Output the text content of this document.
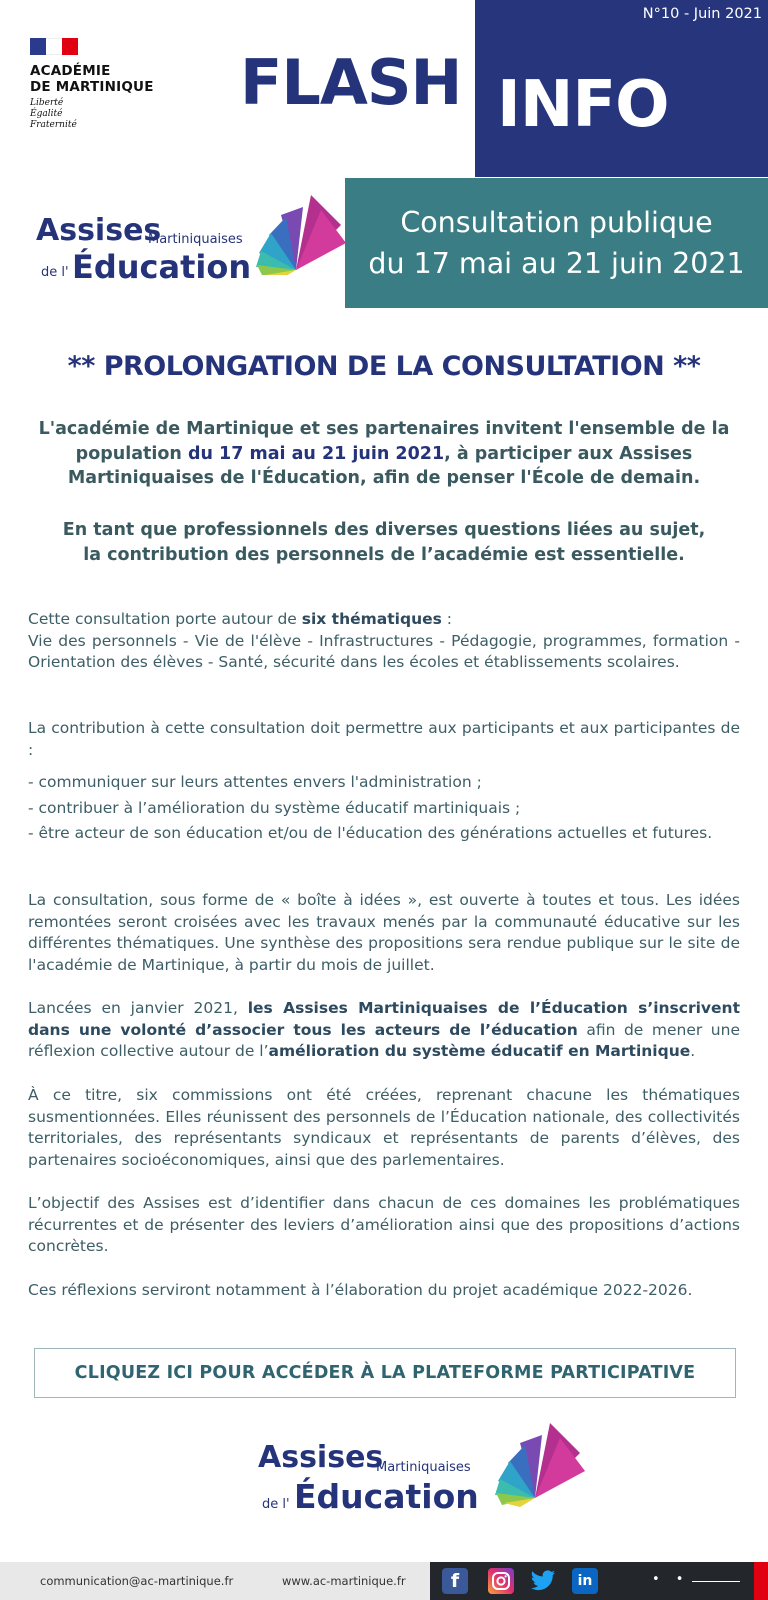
ACADÉMIE
DE MARTINIQUE
Liberté
Égalité
Fraternité
FLASH
N°10 - Juin 2021
INFO
Assises
Martiniquaises
de l' Éducation
Consultation publique
du 17 mai au 21 juin 2021
** PROLONGATION DE LA CONSULTATION **
L'académie de Martinique et ses partenaires invitent l'ensemble de la population du 17 mai au 21 juin 2021, à participer aux Assises Martiniquaises de l'Éducation, afin de penser l'École de demain.
En tant que professionnels des diverses questions liées au sujet,
la contribution des personnels de l’académie est essentielle.
Cette consultation porte autour de six thématiques :
Vie des personnels - Vie de l'élève - Infrastructures - Pédagogie, programmes, formation - Orientation des élèves - Santé, sécurité dans les écoles et établissements scolaires.
La contribution à cette consultation doit permettre aux participants et aux participantes de :
- communiquer sur leurs attentes envers l'administration ;
- contribuer à l’amélioration du système éducatif martiniquais ;
- être acteur de son éducation et/ou de l'éducation des générations actuelles et futures.
La consultation, sous forme de « boîte à idées », est ouverte à toutes et tous. Les idées remontées seront croisées avec les travaux menés par la communauté éducative sur les différentes thématiques. Une synthèse des propositions sera rendue publique sur le site de l'académie de Martinique, à partir du mois de juillet.
Lancées en janvier 2021, les Assises Martiniquaises de l’Éducation s’inscrivent dans une volonté d’associer tous les acteurs de l’éducation afin de mener une réflexion collective autour de l’amélioration du système éducatif en Martinique.
À ce titre, six commissions ont été créées, reprenant chacune les thématiques susmentionnées. Elles réunissent des personnels de l’Éducation nationale, des collectivités territoriales, des représentants syndicaux et représentants de parents d’élèves, des partenaires socioéconomiques, ainsi que des parlementaires.
L’objectif des Assises est d’identifier dans chacun de ces domaines les problématiques récurrentes et de présenter des leviers d’amélioration ainsi que des propositions d’actions concrètes.
Ces réflexions serviront notamment à l’élaboration du projet académique 2022-2026.
CLIQUEZ ICI POUR ACCÉDER À LA PLATEFORME PARTICIPATIVE
Assises
Martiniquaises
de l' Éducation
communication@ac-martinique.fr	www.ac-martinique.fr	f	in	• •
